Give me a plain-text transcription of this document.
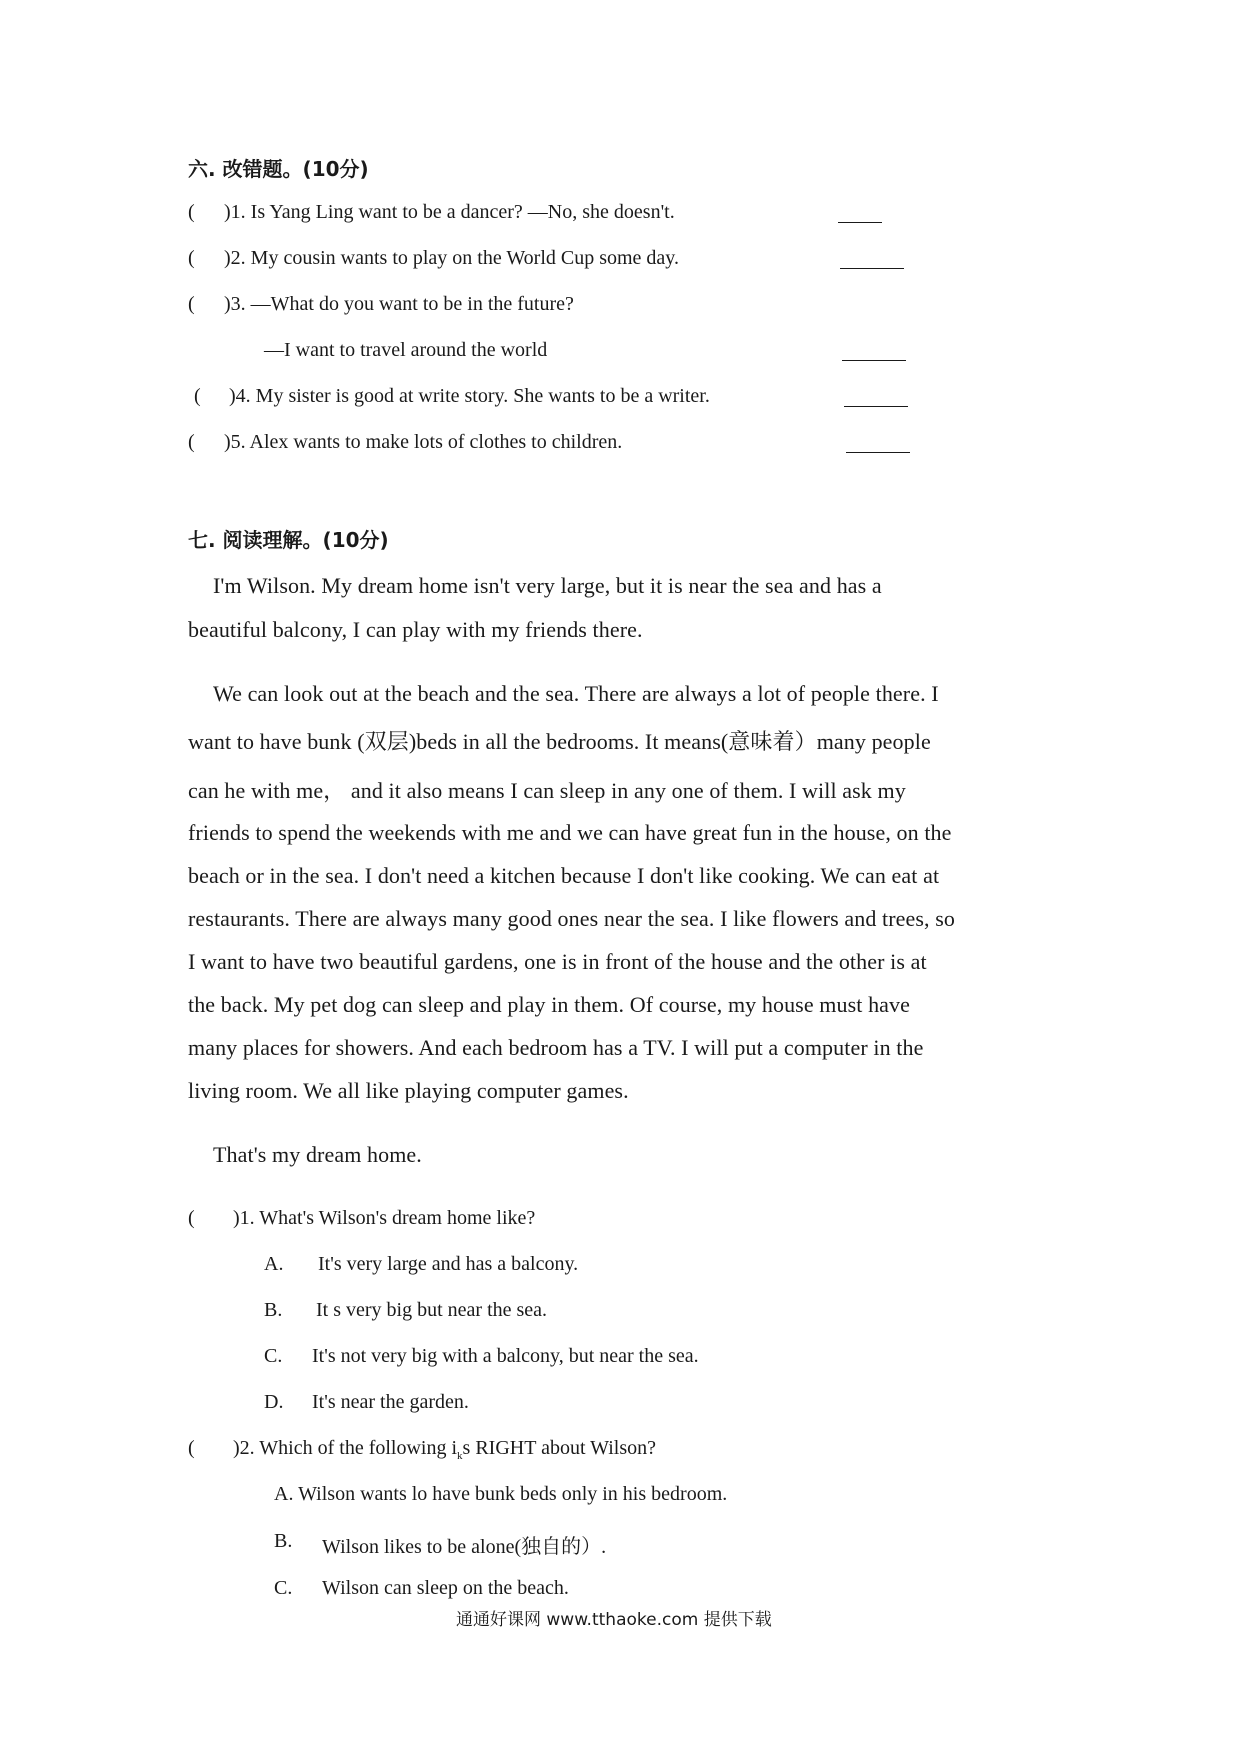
六. 改错题。(10分)
( )1. Is Yang Ling want to be a dancer? —No, she doesn't.
( )2. My cousin wants to play on the World Cup some day.
( )3. —What do you want to be in the future?
—I want to travel around the world
( )4. My sister is good at write story. She wants to be a writer.
( )5. Alex wants to make lots of clothes to children.
七. 阅读理解。(10分)
I'm Wilson. My dream home isn't very large, but it is near the sea and has a
beautiful balcony, I can play with my friends there.
We can look out at the beach and the sea. There are always a lot of people there. I
want to have bunk (双层)beds in all the bedrooms. It means(意味着）many people
can he with me， and it also means I can sleep in any one of them. I will ask my
friends to spend the weekends with me and we can have great fun in the house, on the
beach or in the sea. I don't need a kitchen because I don't like cooking. We can eat at
restaurants. There are always many good ones near the sea. I like flowers and trees, so
I want to have two beautiful gardens, one is in front of the house and the other is at
the back. My pet dog can sleep and play in them. Of course, my house must have
many places for showers. And each bedroom has a TV. I will put a computer in the
living room. We all like playing computer games.
That's my dream home.
( )1. What's Wilson's dream home like?
A. It's very large and has a balcony.
B. It s very big but near the sea.
C. It's not very big with a balcony, but near the sea.
D. It's near the garden.
( )2. Which of the following $i_ks$ RIGHT about Wilson?
A. Wilson wants lo have bunk beds only in his bedroom.
B. Wilson likes to be alone(独自的）.
C. Wilson can sleep on the beach.
通通好课网 www.tthaoke.com 提供下载
